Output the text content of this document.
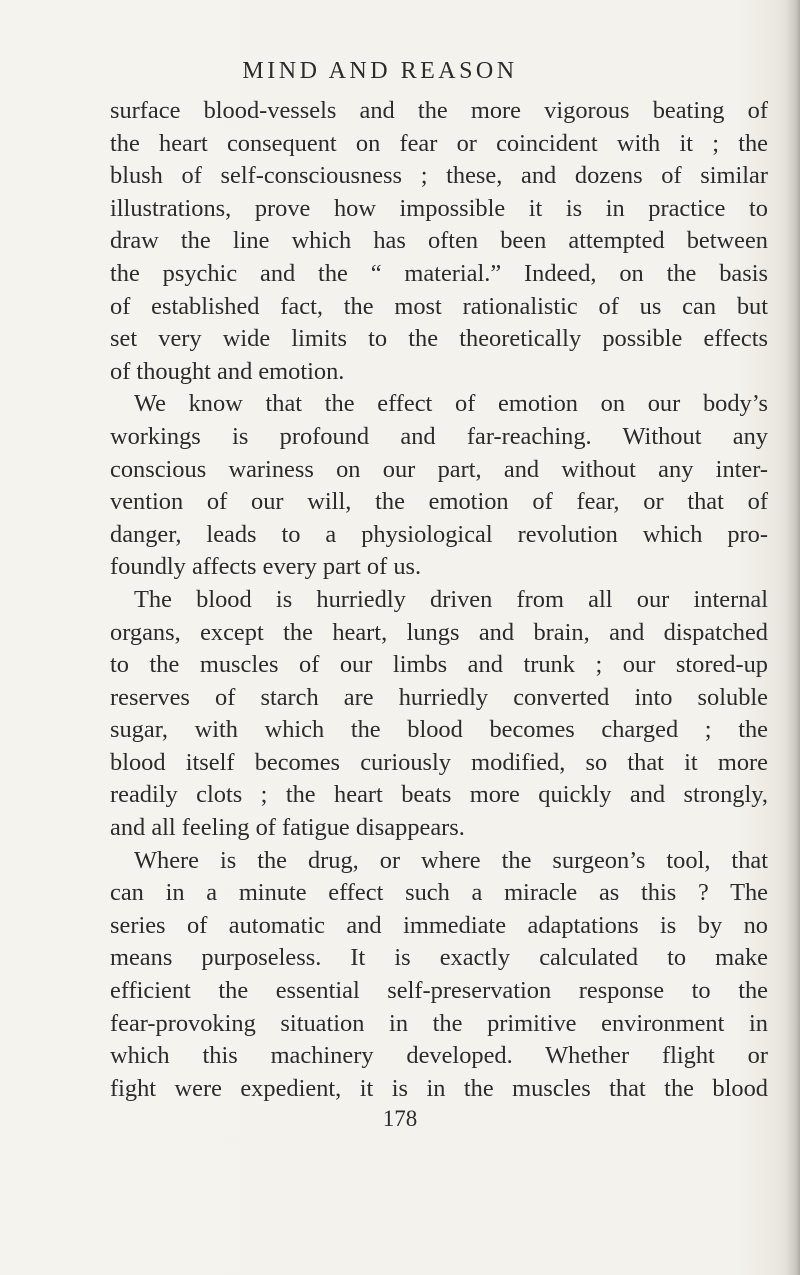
MIND AND REASON

surface blood-vessels and the more vigorous beating of
the heart consequent on fear or coincident with it ; the
blush of self-consciousness ; these, and dozens of similar
illustrations, prove how impossible it is in practice to
draw the line which has often been attempted between
the psychic and the “ material.” Indeed, on the basis
of established fact, the most rationalistic of us can but
set very wide limits to the theoretically possible effects
of thought and emotion.
We know that the effect of emotion on our body’s
workings is profound and far-reaching. Without any
conscious wariness on our part, and without any inter-
vention of our will, the emotion of fear, or that of
danger, leads to a physiological revolution which pro-
foundly affects every part of us.
The blood is hurriedly driven from all our internal
organs, except the heart, lungs and brain, and dispatched
to the muscles of our limbs and trunk ; our stored-up
reserves of starch are hurriedly converted into soluble
sugar, with which the blood becomes charged ; the
blood itself becomes curiously modified, so that it more
readily clots ; the heart beats more quickly and strongly,
and all feeling of fatigue disappears.
Where is the drug, or where the surgeon’s tool, that
can in a minute effect such a miracle as this ? The
series of automatic and immediate adaptations is by no
means purposeless. It is exactly calculated to make
efficient the essential self-preservation response to the
fear-provoking situation in the primitive environment in
which this machinery developed. Whether flight or
fight were expedient, it is in the muscles that the blood

178
